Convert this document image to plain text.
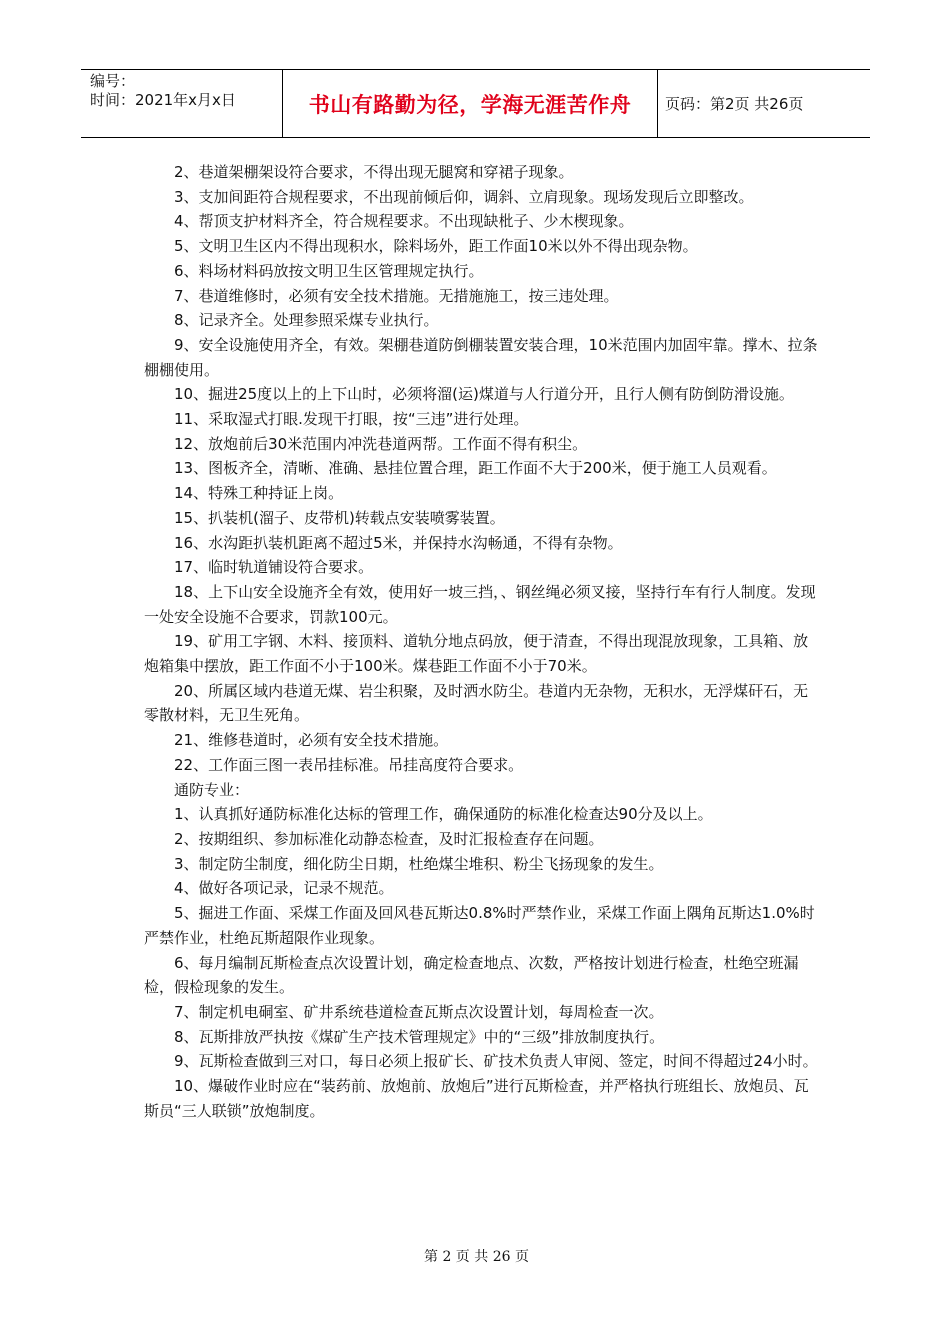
编号：
时间：2021年x月x日	书山有路勤为径，学海无涯苦作舟	页码：第2页 共26页

2、巷道架棚架设符合要求，不得出现无腿窝和穿裙子现象。

3、支加间距符合规程要求，不出现前倾后仰，调斜、立肩现象。现场发现后立即整改。

4、帮顶支护材料齐全，符合规程要求。不出现缺枇子、少木楔现象。

5、文明卫生区内不得出现积水，除料场外，距工作面10米以外不得出现杂物。

6、料场材料码放按文明卫生区管理规定执行。

7、巷道维修时，必须有安全技术措施。无措施施工，按三违处理。

8、记录齐全。处理参照采煤专业执行。

9、安全设施使用齐全，有效。架棚巷道防倒棚装置安装合理，10米范围内加固牢靠。撑木、拉条棚棚使用。

10、掘进25度以上的上下山时，必须将溜(运)煤道与人行道分开，且行人侧有防倒防滑设施。

11、采取湿式打眼.发现干打眼，按“三违”进行处理。

12、放炮前后30米范围内冲洗巷道两帮。工作面不得有积尘。

13、图板齐全，清晰、准确、悬挂位置合理，距工作面不大于200米，便于施工人员观看。

14、特殊工种持证上岗。

15、扒装机(溜子、皮带机)转载点安装喷雾装置。

16、水沟距扒装机距离不超过5米，并保持水沟畅通，不得有杂物。

17、临时轨道铺设符合要求。

18、上下山安全设施齐全有效，使用好一坡三挡，、钢丝绳必须叉接，坚持行车有行人制度。发现一处安全设施不合要求，罚款100元。

19、矿用工字钢、木料、接顶料、道轨分地点码放，便于清查，不得出现混放现象，工具箱、放炮箱集中摆放，距工作面不小于100米。煤巷距工作面不小于70米。

20、所属区域内巷道无煤、岩尘积聚，及时洒水防尘。巷道内无杂物，无积水，无浮煤矸石，无零散材料，无卫生死角。

21、维修巷道时，必须有安全技术措施。

22、工作面三图一表吊挂标准。吊挂高度符合要求。

通防专业：

1、认真抓好通防标准化达标的管理工作，确保通防的标准化检查达90分及以上。

2、按期组织、参加标准化动静态检查，及时汇报检查存在问题。

3、制定防尘制度，细化防尘日期，杜绝煤尘堆积、粉尘飞扬现象的发生。

4、做好各项记录，记录不规范。

5、掘进工作面、采煤工作面及回风巷瓦斯达0.8%时严禁作业，采煤工作面上隅角瓦斯达1.0%时严禁作业，杜绝瓦斯超限作业现象。

6、每月编制瓦斯检查点次设置计划，确定检查地点、次数，严格按计划进行检查，杜绝空班漏检，假检现象的发生。

7、制定机电硐室、矿井系统巷道检查瓦斯点次设置计划，每周检查一次。

8、瓦斯排放严执按《煤矿生产技术管理规定》中的“三级”排放制度执行。

9、瓦斯检查做到三对口，每日必须上报矿长、矿技术负责人审阅、签定，时间不得超过24小时。

10、爆破作业时应在“装药前、放炮前、放炮后”进行瓦斯检查，并严格执行班组长、放炮员、瓦斯员“三人联锁”放炮制度。

第 2 页 共 26 页
